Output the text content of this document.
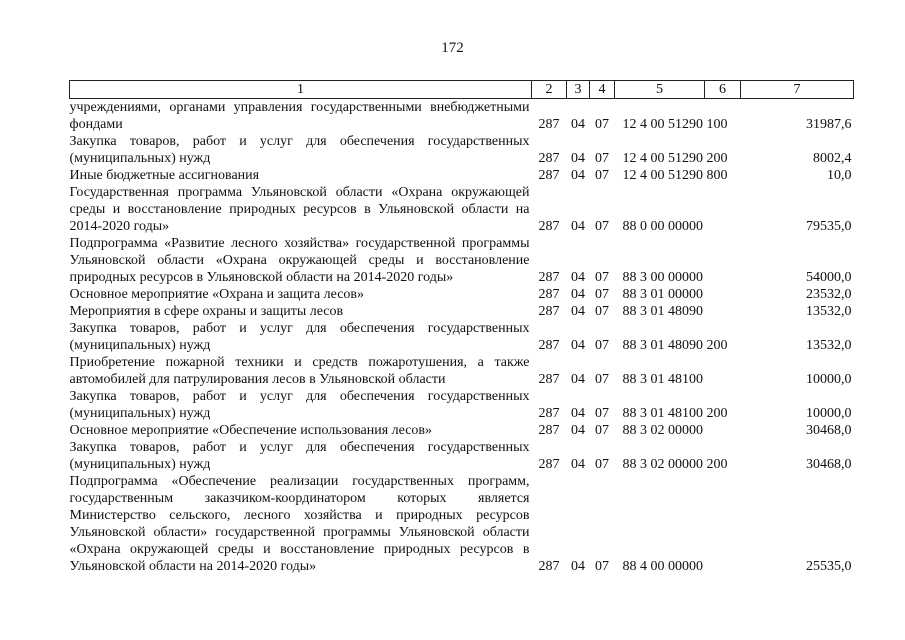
172
1	2	3	4	5	6	7
учреждениями, органами управления государственными внебюджетными фондами	287	04	07	12 4 00 51290	100	31987,6
Закупка товаров, работ и услуг для обеспечения государственных (муниципальных) нужд	287	04	07	12 4 00 51290	200	8002,4
Иные бюджетные ассигнования	287	04	07	12 4 00 51290	800	10,0
Государственная программа Ульяновской области «Охрана окружающей среды и восстановление природных ресурсов в Ульяновской области на 2014-2020 годы»	287	04	07	88 0 00 00000		79535,0
Подпрограмма «Развитие лесного хозяйства» государственной программы Ульяновской области «Охрана окружающей среды и восстановление природных ресурсов в Ульяновской области на 2014-2020 годы»	287	04	07	88 3 00 00000		54000,0
Основное мероприятие «Охрана и защита лесов»	287	04	07	88 3 01 00000		23532,0
Мероприятия в сфере охраны и защиты лесов	287	04	07	88 3 01 48090		13532,0
Закупка товаров, работ и услуг для обеспечения государственных (муниципальных) нужд	287	04	07	88 3 01 48090	200	13532,0
Приобретение пожарной техники и средств пожаротушения, а также автомобилей для патрулирования лесов в Ульяновской области	287	04	07	88 3 01 48100		10000,0
Закупка товаров, работ и услуг для обеспечения государственных (муниципальных) нужд	287	04	07	88 3 01 48100	200	10000,0
Основное мероприятие «Обеспечение использования лесов»	287	04	07	88 3 02 00000		30468,0
Закупка товаров, работ и услуг для обеспечения государственных (муниципальных) нужд	287	04	07	88 3 02 00000	200	30468,0
Подпрограмма «Обеспечение реализации государственных программ, государственным заказчиком-координатором которых является Министерство сельского, лесного хозяйства и природных ресурсов Ульяновской области» государственной программы Ульяновской области «Охрана окружающей среды и восстановление природных ресурсов в Ульяновской области на 2014-2020 годы»	287	04	07	88 4 00 00000		25535,0
